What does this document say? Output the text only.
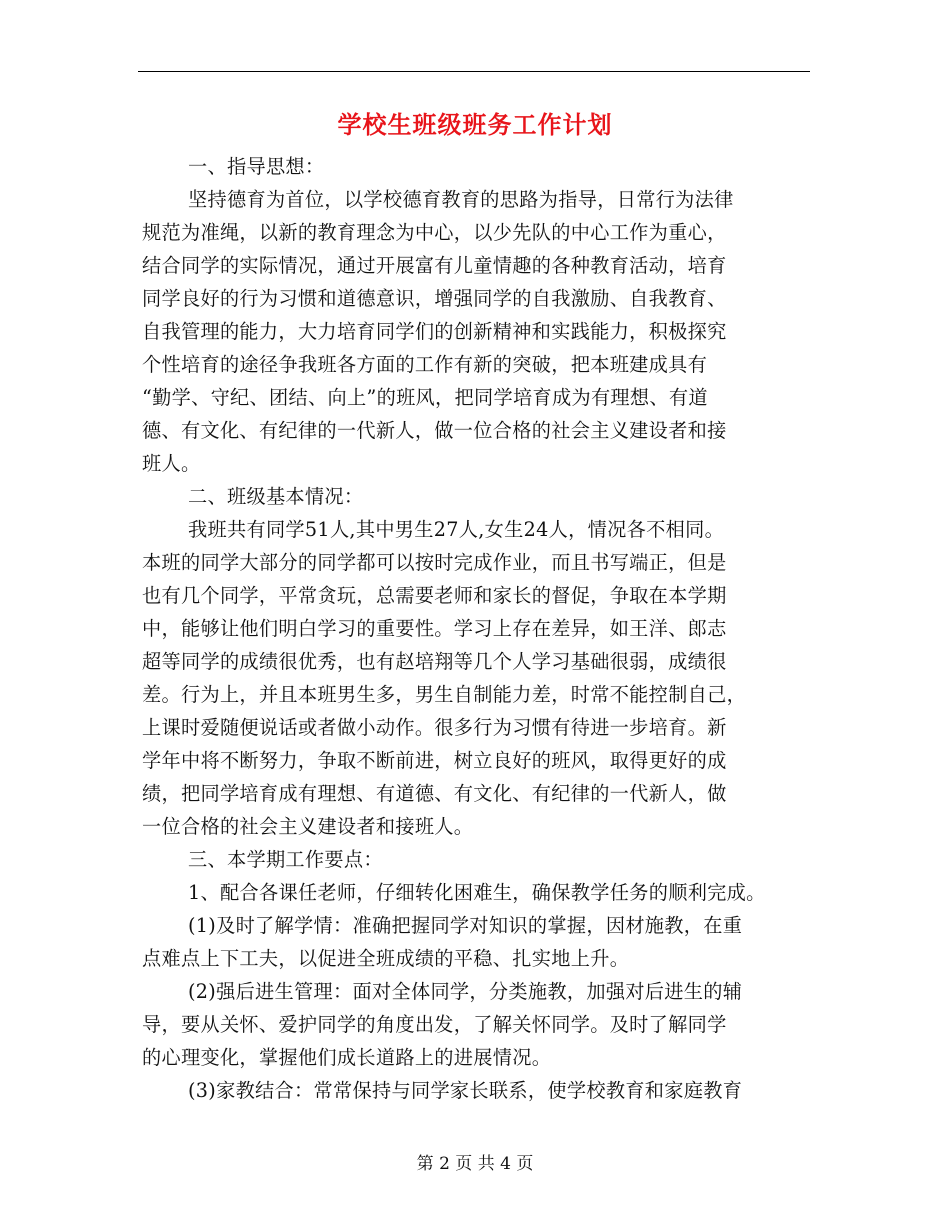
学校生班级班务工作计划
一、指导思想：
坚持德育为首位，以学校德育教育的思路为指导，日常行为法律
规范为准绳，以新的教育理念为中心，以少先队的中心工作为重心，
结合同学的实际情况，通过开展富有儿童情趣的各种教育活动，培育
同学良好的行为习惯和道德意识，增强同学的自我激励、自我教育、
自我管理的能力，大力培育同学们的创新精神和实践能力，积极探究
个性培育的途径争我班各方面的工作有新的突破，把本班建成具有
“勤学、守纪、团结、向上”的班风，把同学培育成为有理想、有道
德、有文化、有纪律的一代新人，做一位合格的社会主义建设者和接
班人。
二、班级基本情况：
我班共有同学51人,其中男生27人,女生24人，情况各不相同。
本班的同学大部分的同学都可以按时完成作业，而且书写端正，但是
也有几个同学，平常贪玩，总需要老师和家长的督促，争取在本学期
中，能够让他们明白学习的重要性。学习上存在差异，如王洋、郎志
超等同学的成绩很优秀，也有赵培翔等几个人学习基础很弱，成绩很
差。行为上，并且本班男生多，男生自制能力差，时常不能控制自己，
上课时爱随便说话或者做小动作。很多行为习惯有待进一步培育。新
学年中将不断努力，争取不断前进，树立良好的班风，取得更好的成
绩，把同学培育成有理想、有道德、有文化、有纪律的一代新人，做
一位合格的社会主义建设者和接班人。
三、本学期工作要点：
1、配合各课任老师，仔细转化困难生，确保教学任务的顺利完成。
(1)及时了解学情：准确把握同学对知识的掌握，因材施教，在重
点难点上下工夫，以促进全班成绩的平稳、扎实地上升。
(2)强后进生管理：面对全体同学，分类施教，加强对后进生的辅
导，要从关怀、爱护同学的角度出发，了解关怀同学。及时了解同学
的心理变化，掌握他们成长道路上的进展情况。
(3)家教结合：常常保持与同学家长联系，使学校教育和家庭教育
第 2 页 共 4 页
